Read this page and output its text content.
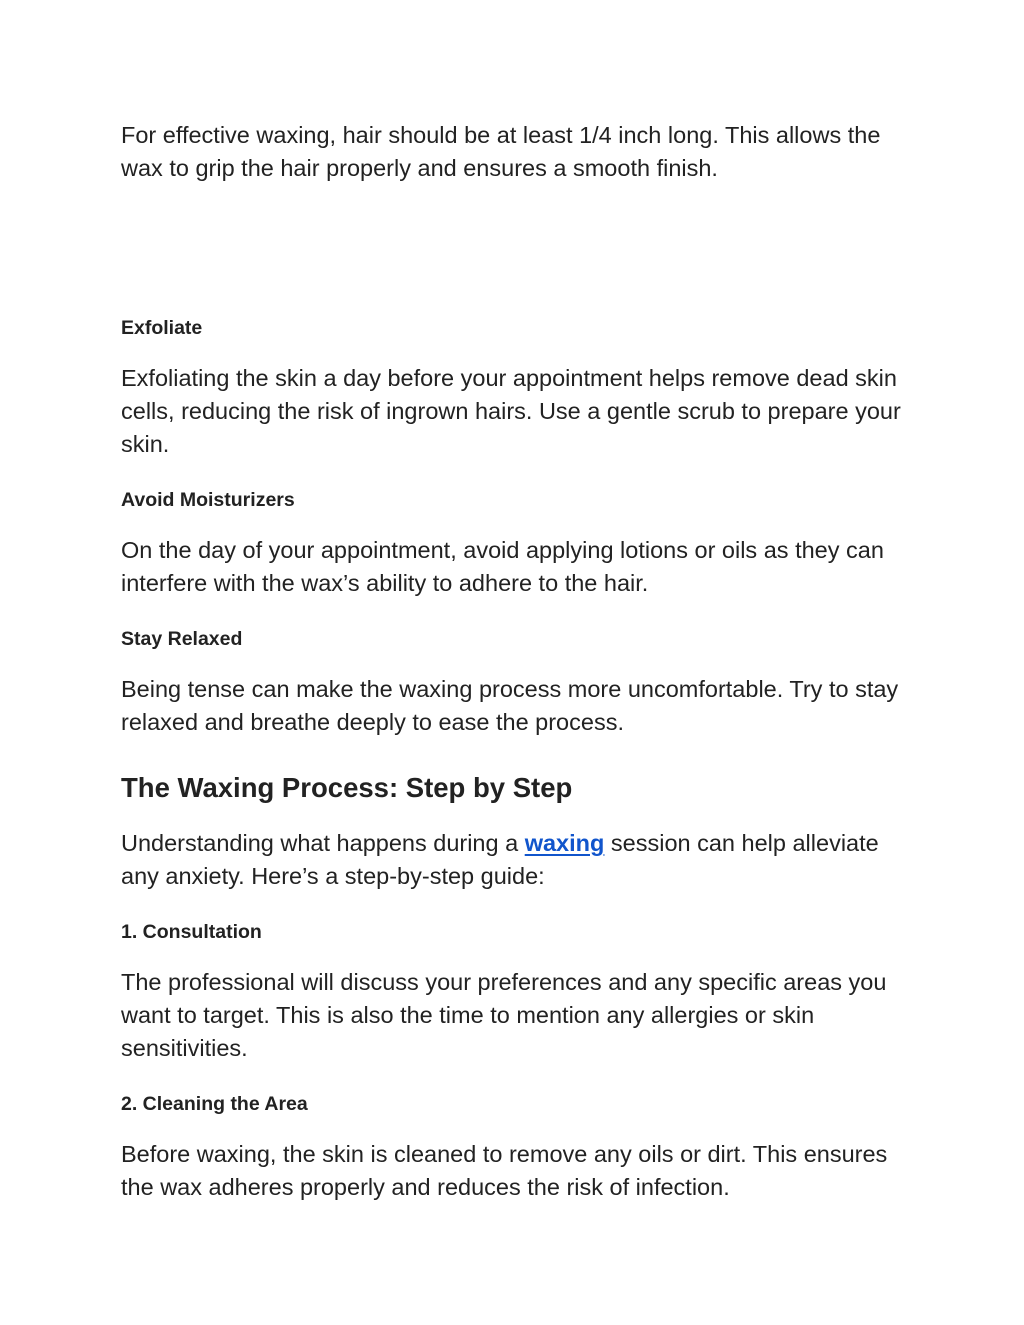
For effective waxing, hair should be at least 1/4 inch long. This allows the wax to grip the hair properly and ensures a smooth finish.

Exfoliate

Exfoliating the skin a day before your appointment helps remove dead skin cells, reducing the risk of ingrown hairs. Use a gentle scrub to prepare your skin.

Avoid Moisturizers

On the day of your appointment, avoid applying lotions or oils as they can interfere with the wax’s ability to adhere to the hair.

Stay Relaxed

Being tense can make the waxing process more uncomfortable. Try to stay relaxed and breathe deeply to ease the process.

The Waxing Process: Step by Step

Understanding what happens during a waxing session can help alleviate any anxiety. Here’s a step-by-step guide:

1. Consultation

The professional will discuss your preferences and any specific areas you want to target. This is also the time to mention any allergies or skin sensitivities.

2. Cleaning the Area

Before waxing, the skin is cleaned to remove any oils or dirt. This ensures the wax adheres properly and reduces the risk of infection.
